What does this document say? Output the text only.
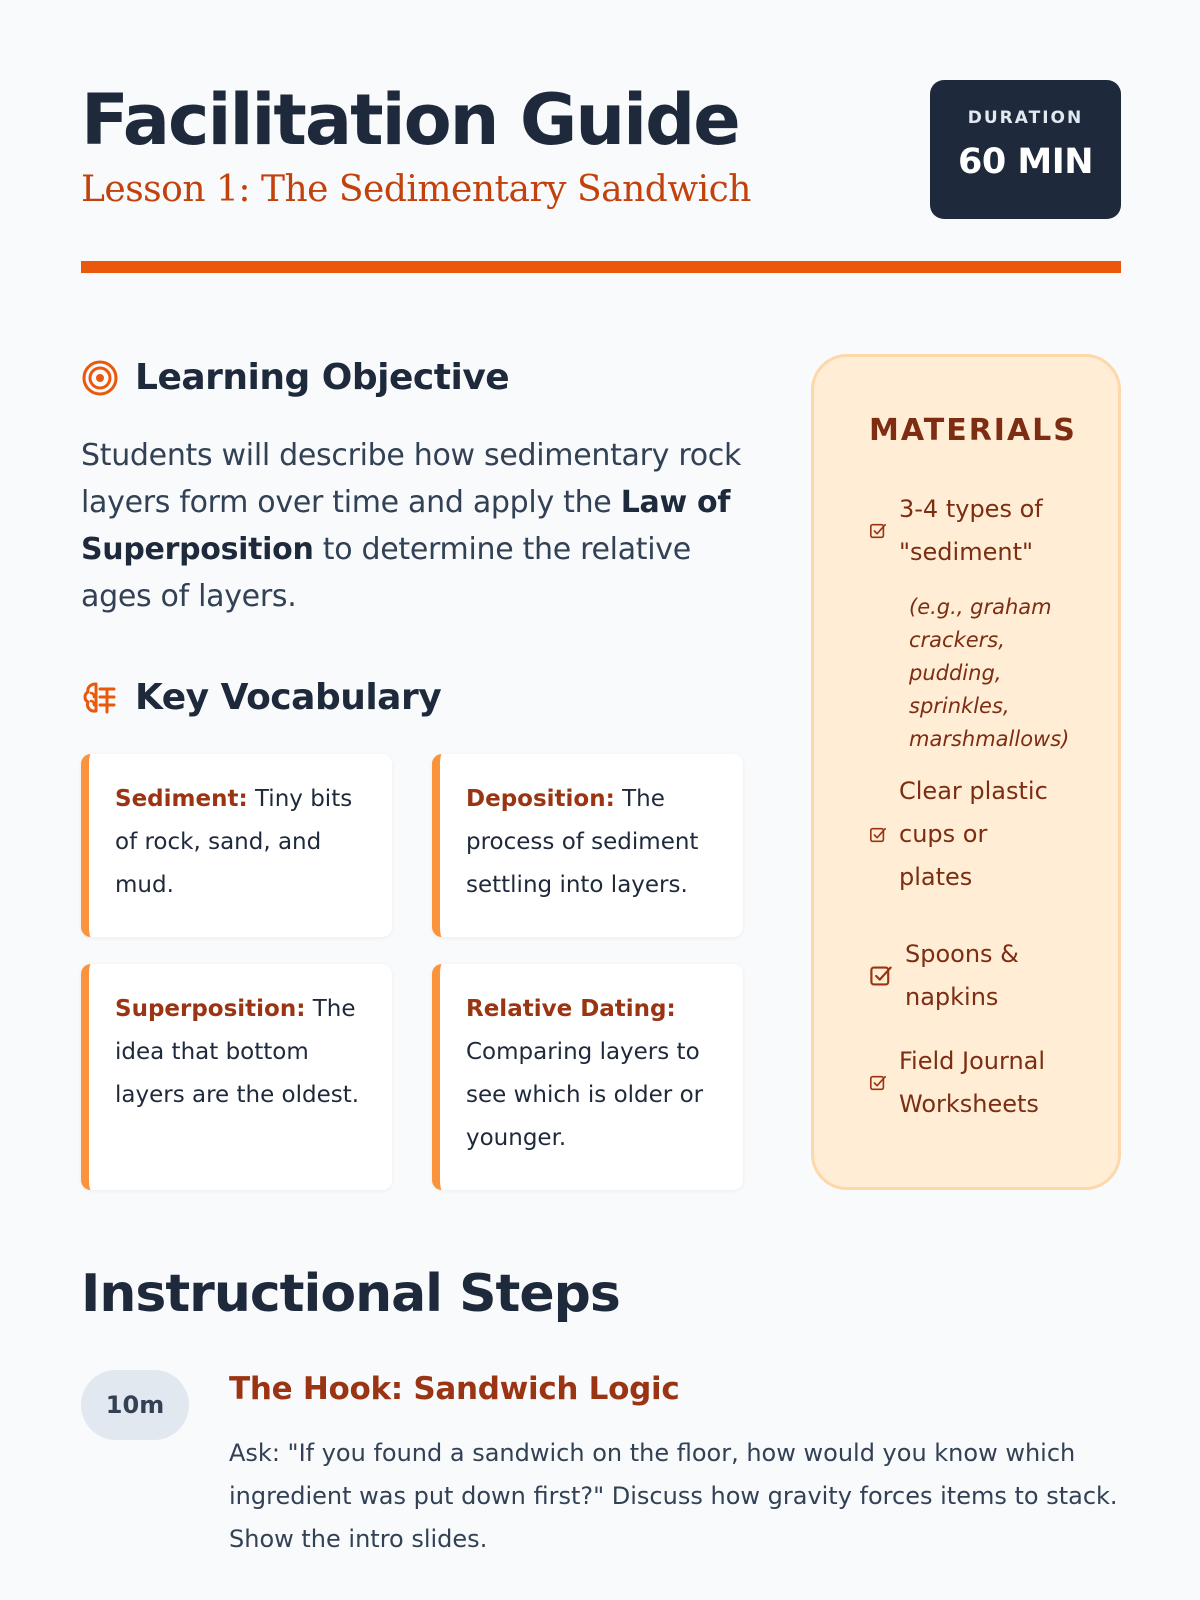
Facilitation Guide
Lesson 1: The Sedimentary Sandwich
DURATION
60 MIN
Learning Objective

Students will describe how sedimentary rock layers form over time and apply the Law of Superposition to determine the relative ages of layers.

Key Vocabulary

Sediment: Tiny bits of rock, sand, and mud.

Deposition: The process of sediment settling into layers.

Superposition: The idea that bottom layers are the oldest.

Relative Dating: Comparing layers to see which is older or younger.

MATERIALS
3-4 types of "sediment"
(e.g., graham crackers, pudding, sprinkles, marshmallows)
Clear plastic cups or plates
Spoons & napkins
Field Journal Worksheets
Instructional Steps
10m	The Hook: Sandwich Logic

Ask: "If you found a sandwich on the floor, how would you know which ingredient was put down first?" Discuss how gravity forces items to stack. Show the intro slides.
